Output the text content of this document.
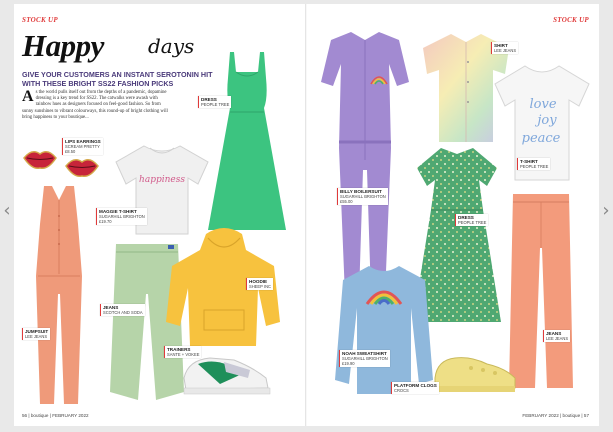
‹	›
STOCK UP
Happy days
GIVE YOUR CUSTOMERS AN INSTANT SEROTONIN HIT WITH THESE BRIGHT SS22 FASHION PICKS
As the world pulls itself out from the depths of a pandemic, dopamine dressing is a key trend for SS22. The catwalks were awash with rainbow hues as designers focused on feel-good fashion. So from sunny sunshines to vibrant colourways, this round-up of bright clothing will bring happiness to your boutique...
LIPS EARRINGS
SCREAM PRETTY
£8.50
DRESS
PEOPLE TREE
happiness
MAGGIE T-SHIRT
SUGARHILL BRIGHTON
£19.70
JUMPSUIT
LEE JEANS
JEANS
SCOTCH AND SODA
HOODIE
SHEEP INC
TRAINERS
SANTE + VOKEE
56 | boutique | FEBRUARY 2022
STOCK UP
BILLY BOILERSUIT
SUGARHILL BRIGHTON
£55.00
SHIRT
LEE JEANS
love
joy
peace
T-SHIRT
PEOPLE TREE
DRESS
PEOPLE TREE
JEANS
LEE JEANS
NOAH SWEATSHIRT
SUGARHILL BRIGHTON
£19.90
PLATFORM CLOGS
CROCS
FEBRUARY 2022 | boutique | 57
